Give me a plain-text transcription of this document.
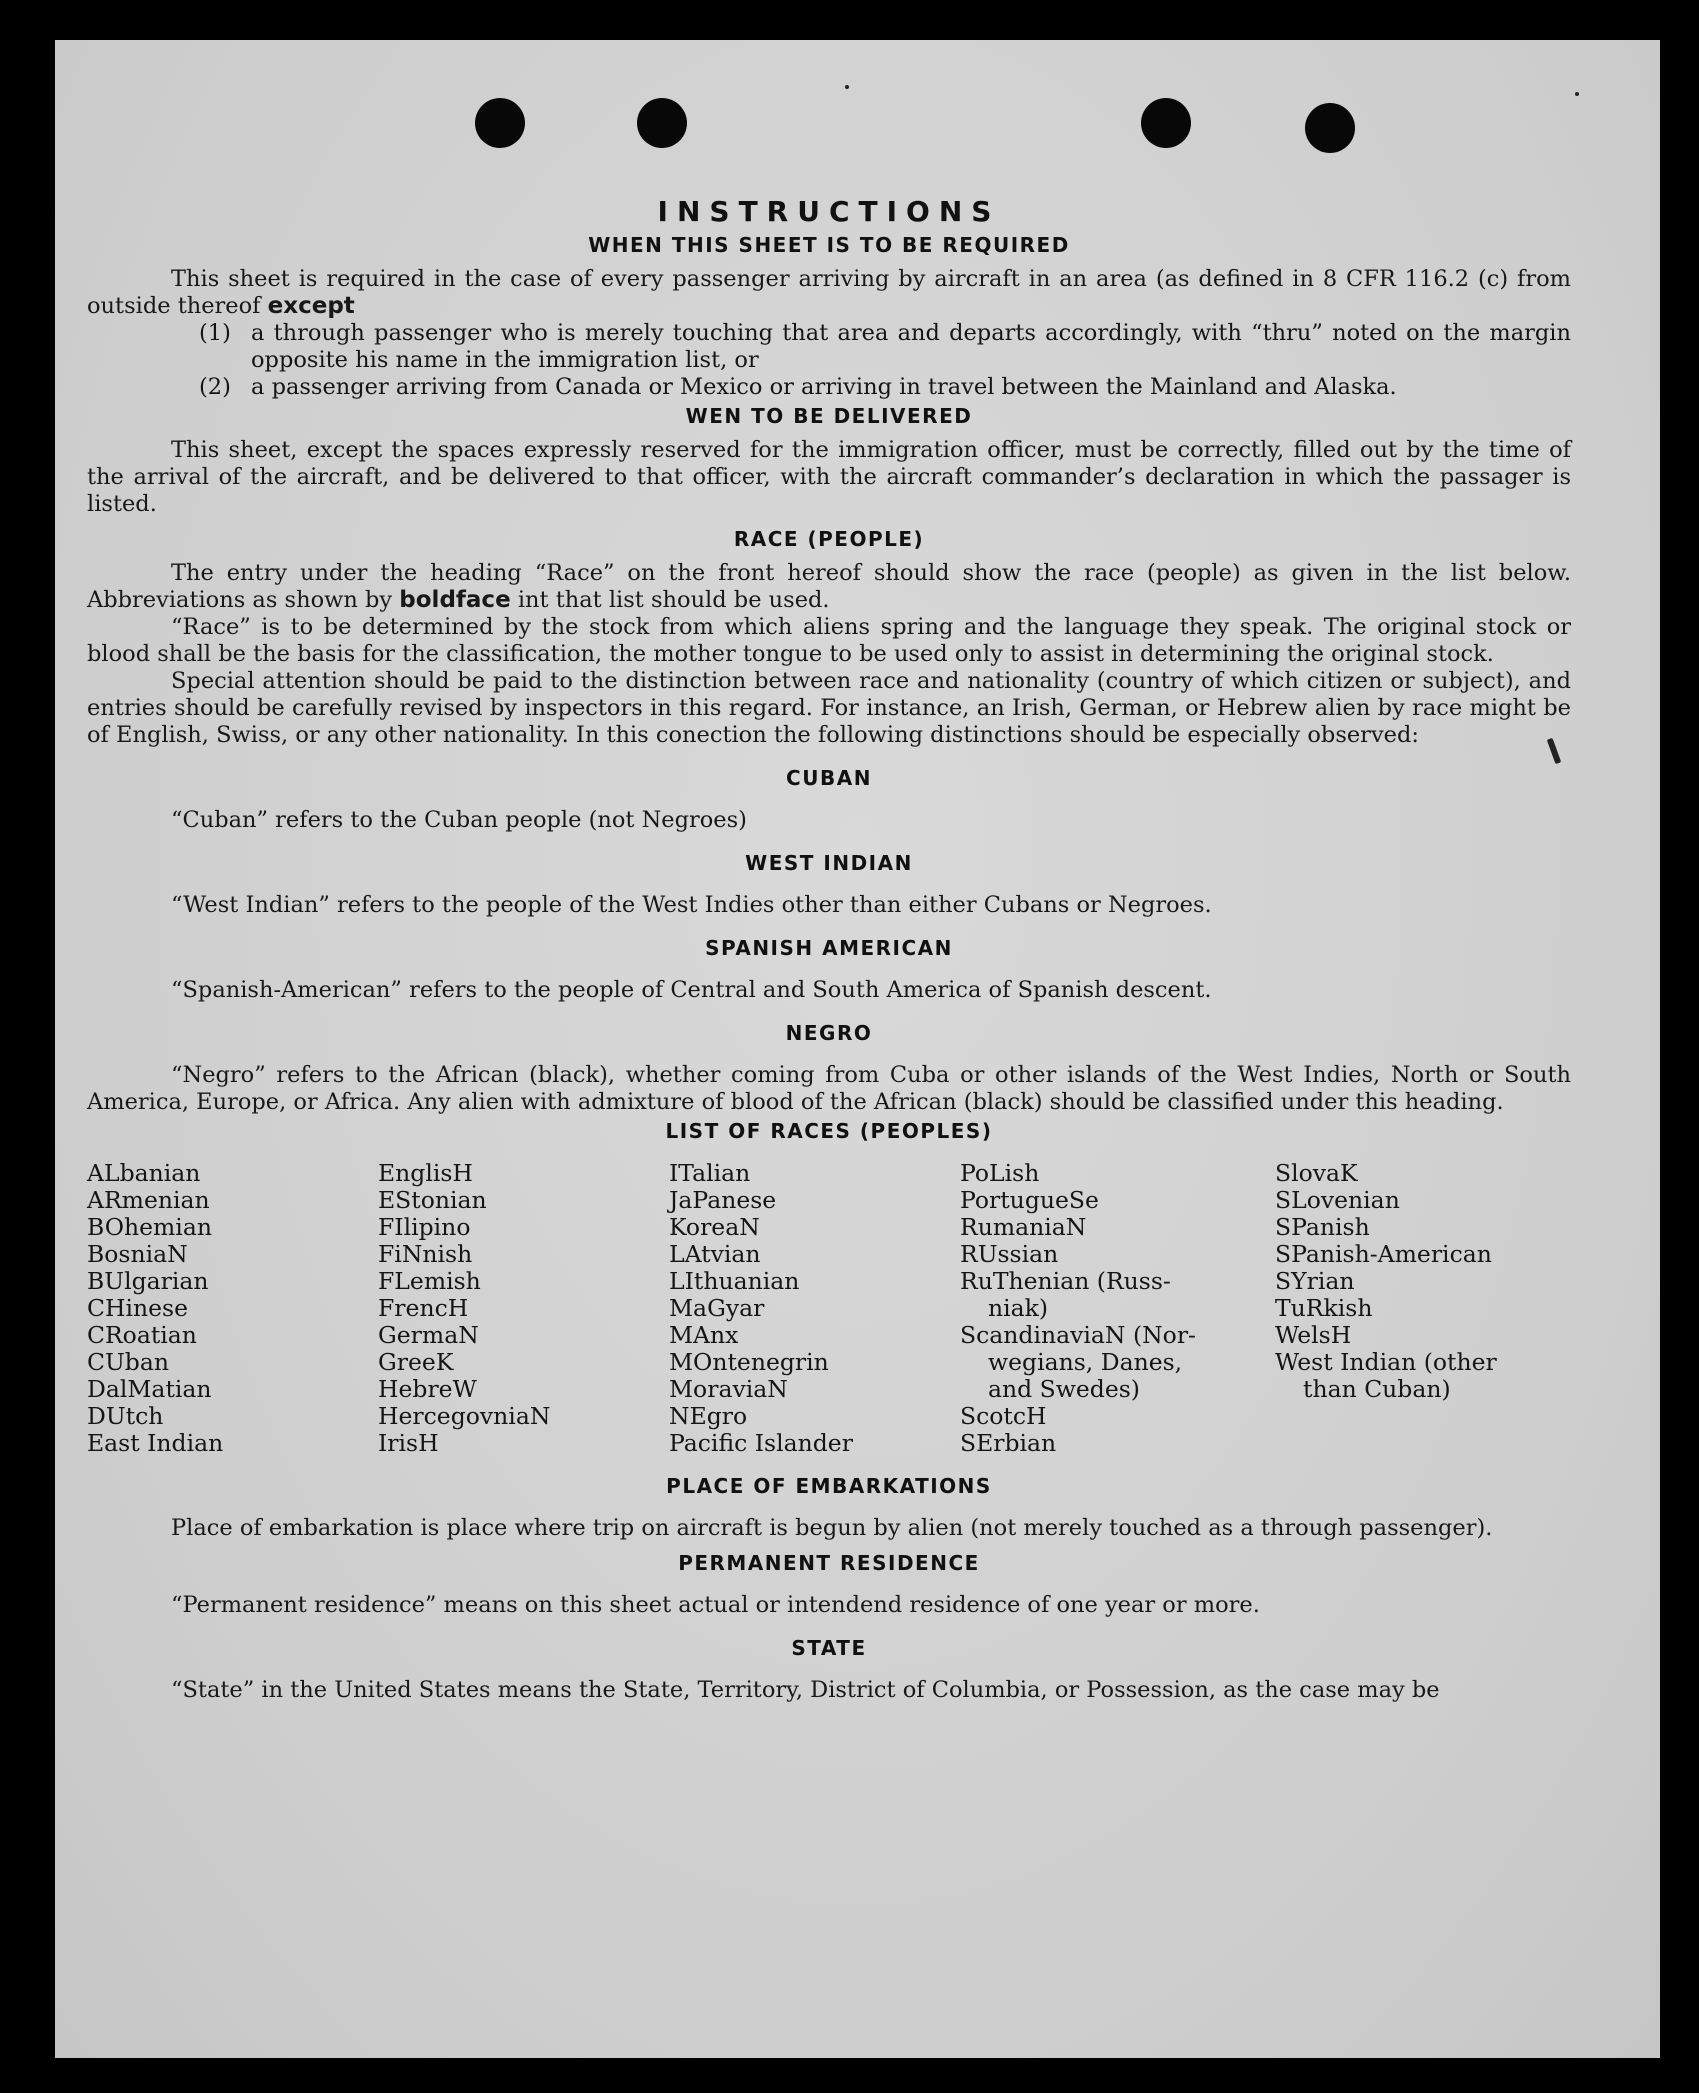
INSTRUCTIONS
WHEN THIS SHEET IS TO BE REQUIRED

This sheet is required in the case of every passenger arriving by aircraft in an area (as defined in 8 CFR 116.2 (c) from outside thereof except

(1) a through passenger who is merely touching that area and departs accordingly, with “thru” noted on the margin opposite his name in the immigration list, or
(2) a passenger arriving from Canada or Mexico or arriving in travel between the Mainland and Alaska.
WEN TO BE DELIVERED

This sheet, except the spaces expressly reserved for the immigration officer, must be correctly, filled out by the time of the arrival of the aircraft, and be delivered to that officer, with the aircraft commander’s declaration in which the passager is listed.

RACE (PEOPLE)

The entry under the heading “Race” on the front hereof should show the race (people) as given in the list below. Abbreviations as shown by boldface int that list should be used.

“Race” is to be determined by the stock from which aliens spring and the language they speak. The original stock or blood shall be the basis for the classification, the mother tongue to be used only to assist in determining the original stock.

Special attention should be paid to the distinction between race and nationality (country of which citizen or subject), and entries should be carefully revised by inspectors in this regard. For instance, an Irish, German, or Hebrew alien by race might be of English, Swiss, or any other nationality. In this conection the following distinctions should be especially observed:

CUBAN

“Cuban” refers to the Cuban people (not Negroes)

WEST INDIAN

“West Indian” refers to the people of the West Indies other than either Cubans or Negroes.

SPANISH AMERICAN

“Spanish-American” refers to the people of Central and South America of Spanish descent.

NEGRO

“Negro” refers to the African (black), whether coming from Cuba or other islands of the West Indies, North or South America, Europe, or Africa. Any alien with admixture of blood of the African (black) should be classified under this heading.

LIST OF RACES (PEOPLES)
ALbanian
ARmenian
BOhemian
BosniaN
BUlgarian
CHinese
CRoatian
CUban
DalMatian
DUtch
East Indian
EnglisH
EStonian
FIlipino
FiNnish
FLemish
FrencH
GermaN
GreeK
HebreW
HercegovniaN
IrisH
ITalian
JaPanese
KoreaN
LAtvian
LIthuanian
MaGyar
MAnx
MOntenegrin
MoraviaN
NEgro
Pacific Islander
PoLish
PortugueSe
RumaniaN
RUssian
RuThenian (Russ-
niak)
ScandinaviaN (Nor-
wegians, Danes,
and Swedes)
ScotcH
SErbian
SlovaK
SLovenian
SPanish
SPanish-American
SYrian
TuRkish
WelsH
West Indian (other
than Cuban)
PLACE OF EMBARKATIONS

Place of embarkation is place where trip on aircraft is begun by alien (not merely touched as a through passenger).

PERMANENT RESIDENCE

“Permanent residence” means on this sheet actual or intendend residence of one year or more.

STATE

“State” in the United States means the State, Territory, District of Columbia, or Possession, as the case may be
